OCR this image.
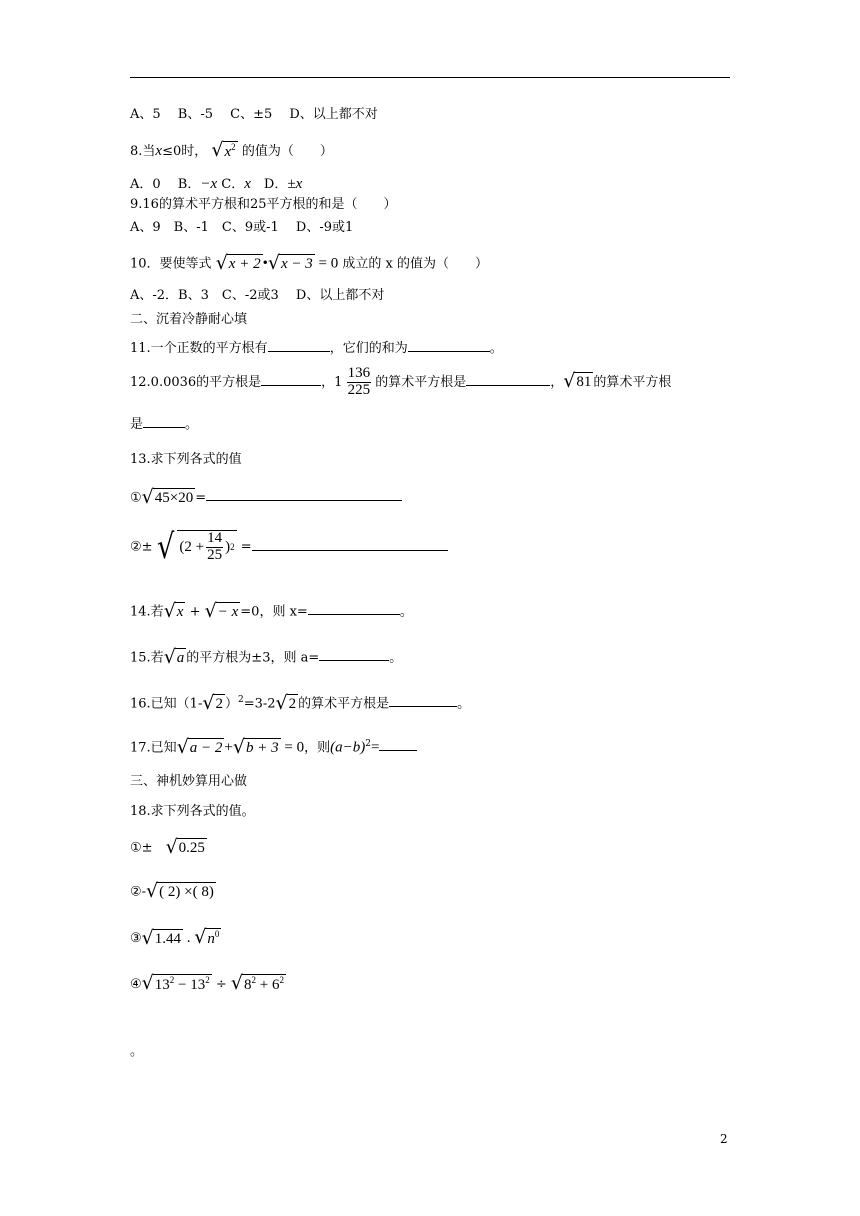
A、5　 B、-5　 C、±5　 D、以上都不对
8.当x≤0时， √ $x^2$ 的值为（　　）
A．0　 B．−x C．x　D．±x
9.16的算术平方根和25平方根的和是（　　）
A、9　B、-1　C、9或-1　 D、-9或1
10．要使等式 √ x + 2 • √ x − 3 = 0 成立的 x 的值为（　　）
A、-2．B、3　C、-2或3　 D、以上都不对
二、沉着冷静耐心填
11.一个正数的平方根有	，它们的和为	。
12.0.0036的平方根是	，$1 \frac{136}{225}$ 的算术平方根是	， √ 81 的算术平方根
是	。
13.求下列各式的值
① √ 45×20 =
②± √ ($2 + \frac{14}{25}$ ) 2 =
14.若 √ x + √ − x =0，则 x=	。
15.若 √ a 的平方根为±3，则 a=	。
16.已知（1- √ 2 ）$^2$=3-2 √ 2 的算术平方根是	。
17.已知 √ a − 2 + √ b + 3 = 0，则$(a-b)^2=$
三、神机妙算用心做
18.求下列各式的值。
①±　 √ 0.25
②- √ ( 2) ×( 8)
③ √ 1.44 . √ $n^0$
④ √ $13^2 - 13^2$ ÷ √ $8^2 + 6^2$
。
2
